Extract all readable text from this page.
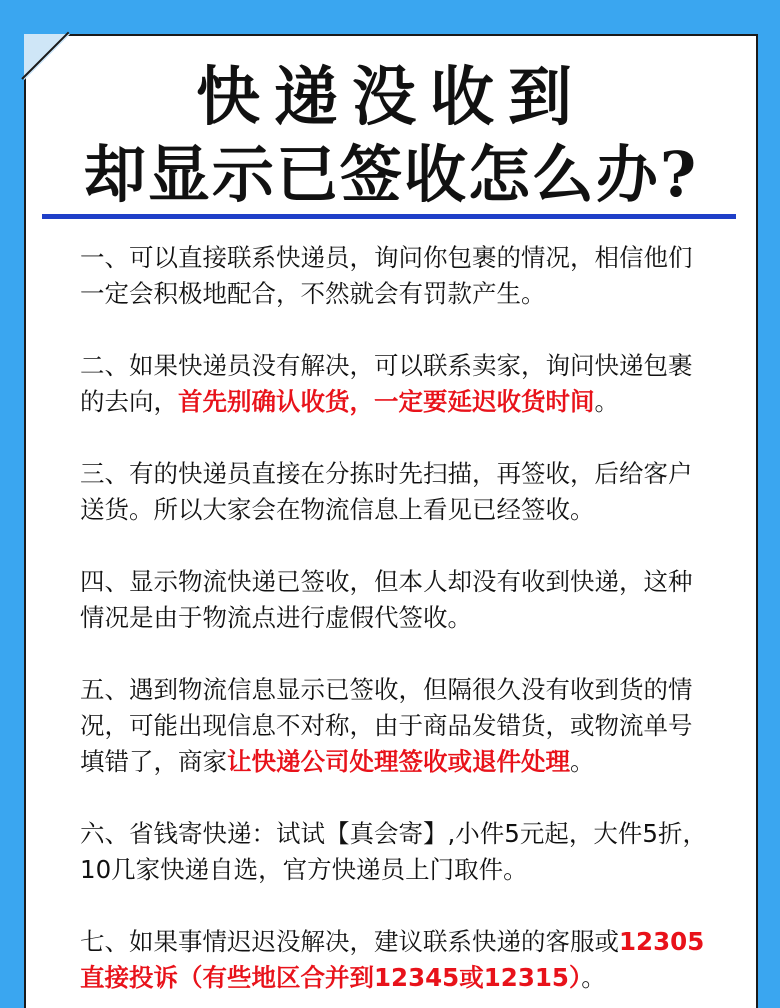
快递没收到
却显示已签收怎么办?

一、可以直接联系快递员，询问你包裹的情况，相信他们一定会积极地配合，不然就会有罚款产生。

二、如果快递员没有解决，可以联系卖家，询问快递包裹的去向，首先别确认收货，一定要延迟收货时间。

三、有的快递员直接在分拣时先扫描，再签收，后给客户送货。所以大家会在物流信息上看见已经签收。

四、显示物流快递已签收，但本人却没有收到快递，这种情况是由于物流点进行虚假代签收。

五、遇到物流信息显示已签收，但隔很久没有收到货的情况，可能出现信息不对称，由于商品发错货，或物流单号填错了，商家让快递公司处理签收或退件处理。

六、省钱寄快递：试试【真会寄】,小件5元起，大件5折，10几家快递自选，官方快递员上门取件。

七、如果事情迟迟没解决，建议联系快递的客服或12305直接投诉（有些地区合并到12345或12315）。
